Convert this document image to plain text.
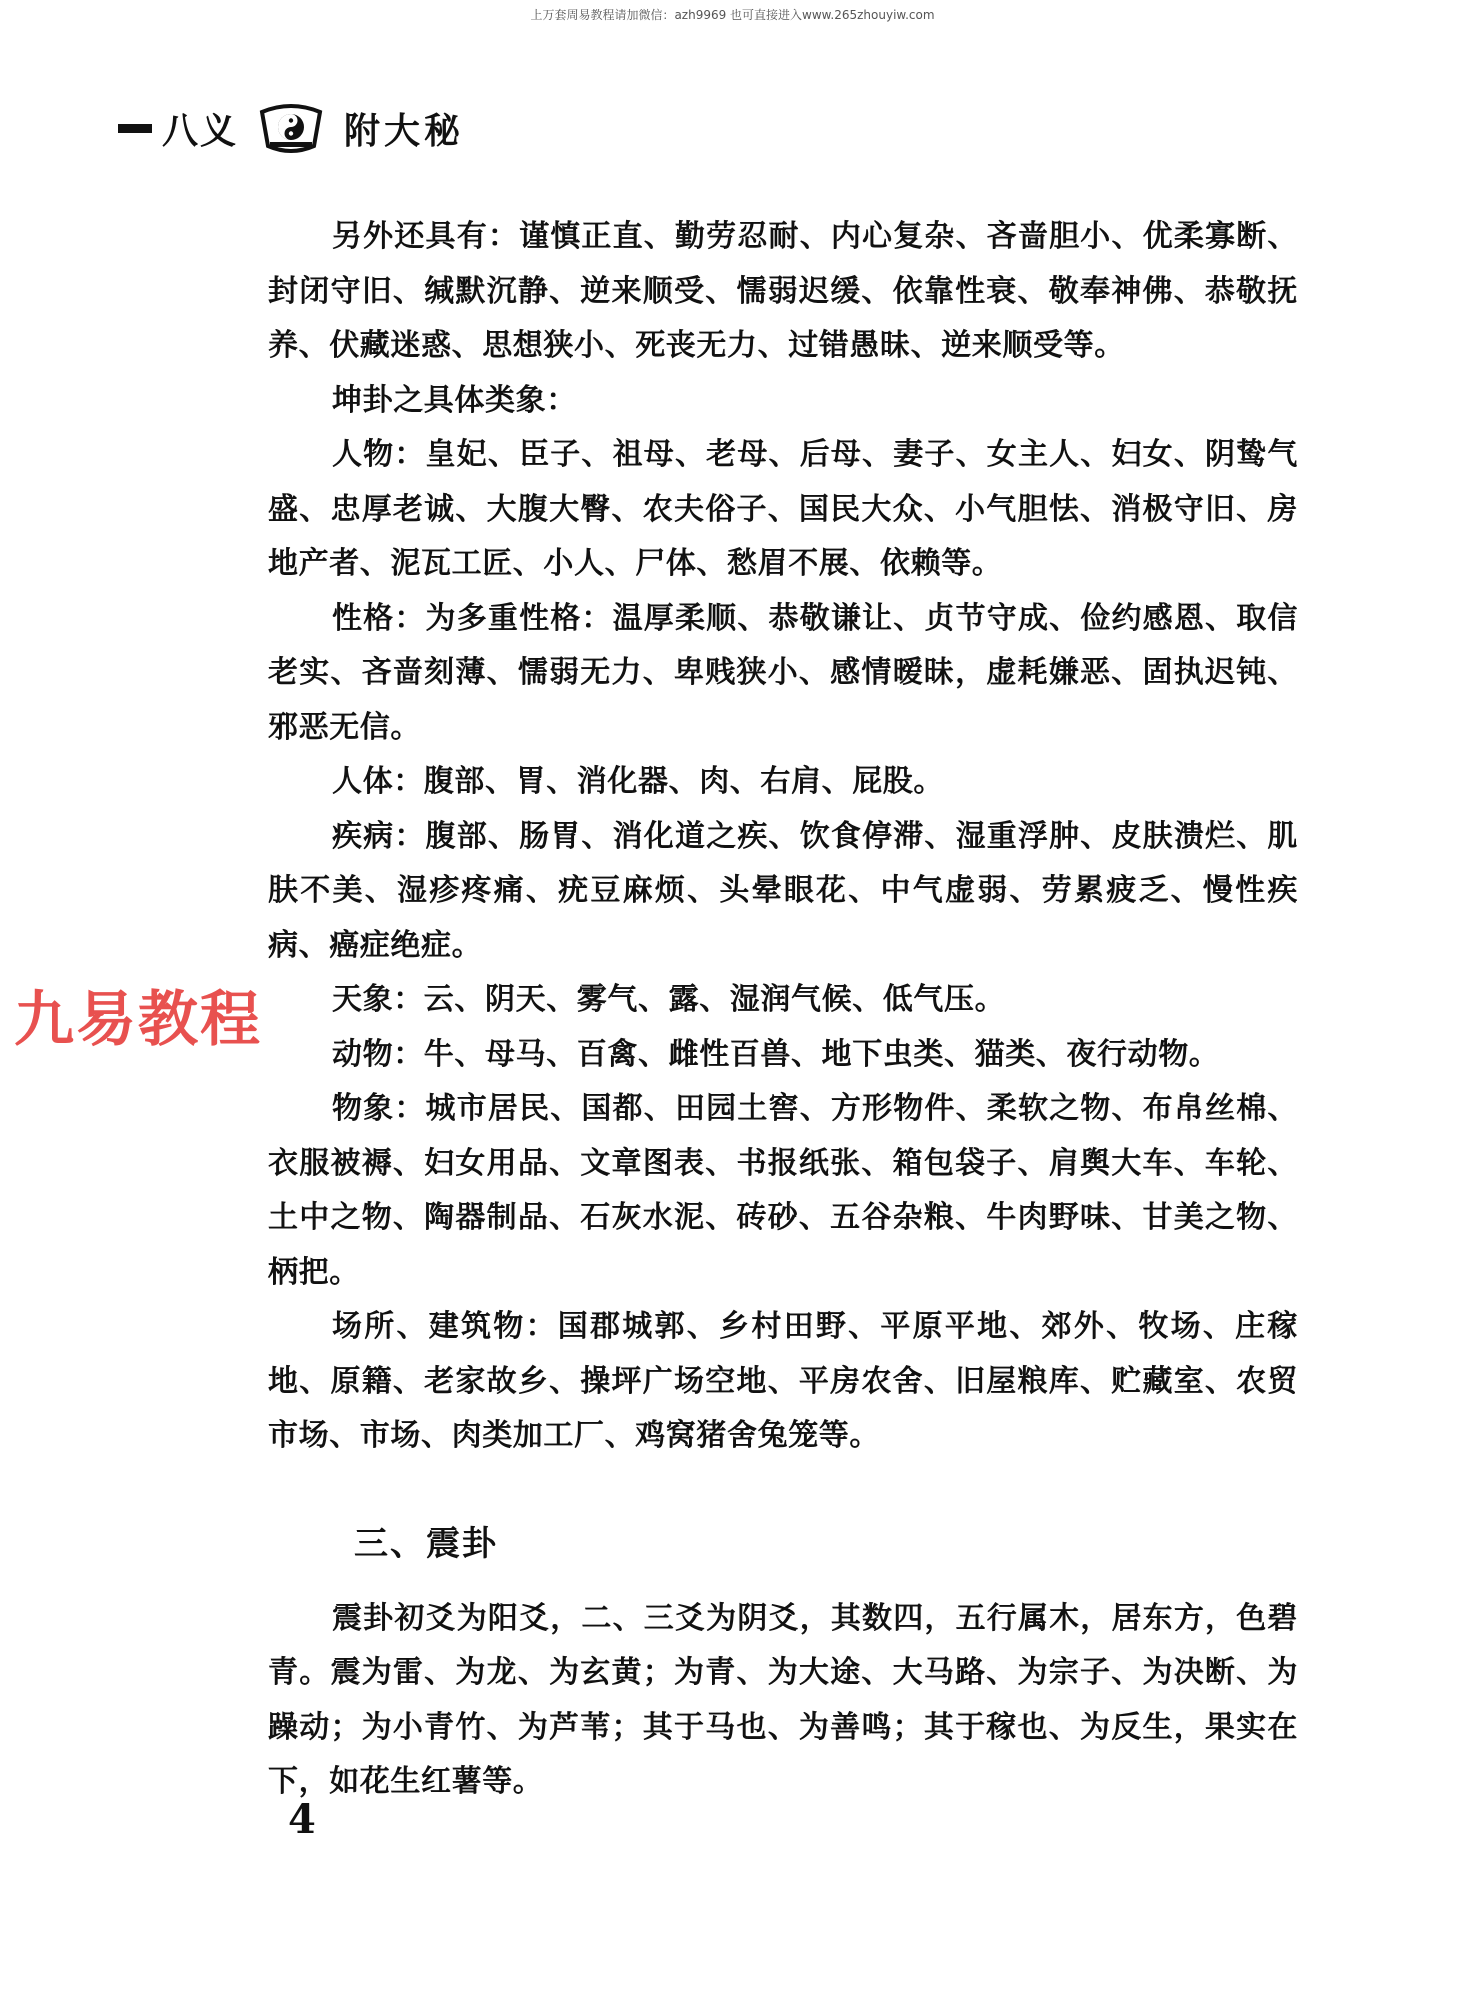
上万套周易教程请加微信：azh9969 也可直接进入www.265zhouyiw.com
八义	附大秘
九易教程

另外还具有：谨慎正直、勤劳忍耐、内心复杂、吝啬胆小、优柔寡断、封闭守旧、缄默沉静、逆来顺受、懦弱迟缓、依靠性衰、敬奉神佛、恭敬抚养、伏藏迷惑、思想狭小、死丧无力、过错愚昧、逆来顺受等。

坤卦之具体类象：

人物：皇妃、臣子、祖母、老母、后母、妻子、女主人、妇女、阴鸷气盛、忠厚老诚、大腹大臀、农夫俗子、国民大众、小气胆怯、消极守旧、房地产者、泥瓦工匠、小人、尸体、愁眉不展、依赖等。

性格：为多重性格：温厚柔顺、恭敬谦让、贞节守成、俭约感恩、取信老实、吝啬刻薄、懦弱无力、卑贱狭小、感情暧昧，虚耗嫌恶、固执迟钝、邪恶无信。

人体：腹部、胃、消化器、肉、右肩、屁股。

疾病：腹部、肠胃、消化道之疾、饮食停滞、湿重浮肿、皮肤溃烂、肌肤不美、湿疹疼痛、疣豆麻烦、头晕眼花、中气虚弱、劳累疲乏、慢性疾病、癌症绝症。

天象：云、阴天、雾气、露、湿润气候、低气压。

动物：牛、母马、百禽、雌性百兽、地下虫类、猫类、夜行动物。

物象：城市居民、国都、田园土窖、方形物件、柔软之物、布帛丝棉、衣服被褥、妇女用品、文章图表、书报纸张、箱包袋子、肩舆大车、车轮、土中之物、陶器制品、石灰水泥、砖砂、五谷杂粮、牛肉野味、甘美之物、柄把。

场所、建筑物：国郡城郭、乡村田野、平原平地、郊外、牧场、庄稼地、原籍、老家故乡、操坪广场空地、平房农舍、旧屋粮库、贮藏室、农贸市场、市场、肉类加工厂、鸡窝猪舍兔笼等。

三、震卦

震卦初爻为阳爻，二、三爻为阴爻，其数四，五行属木，居东方，色碧青。震为雷、为龙、为玄黄；为青、为大途、大马路、为宗子、为决断、为躁动；为小青竹、为芦苇；其于马也、为善鸣；其于稼也、为反生，果实在下，如花生红薯等。

4
